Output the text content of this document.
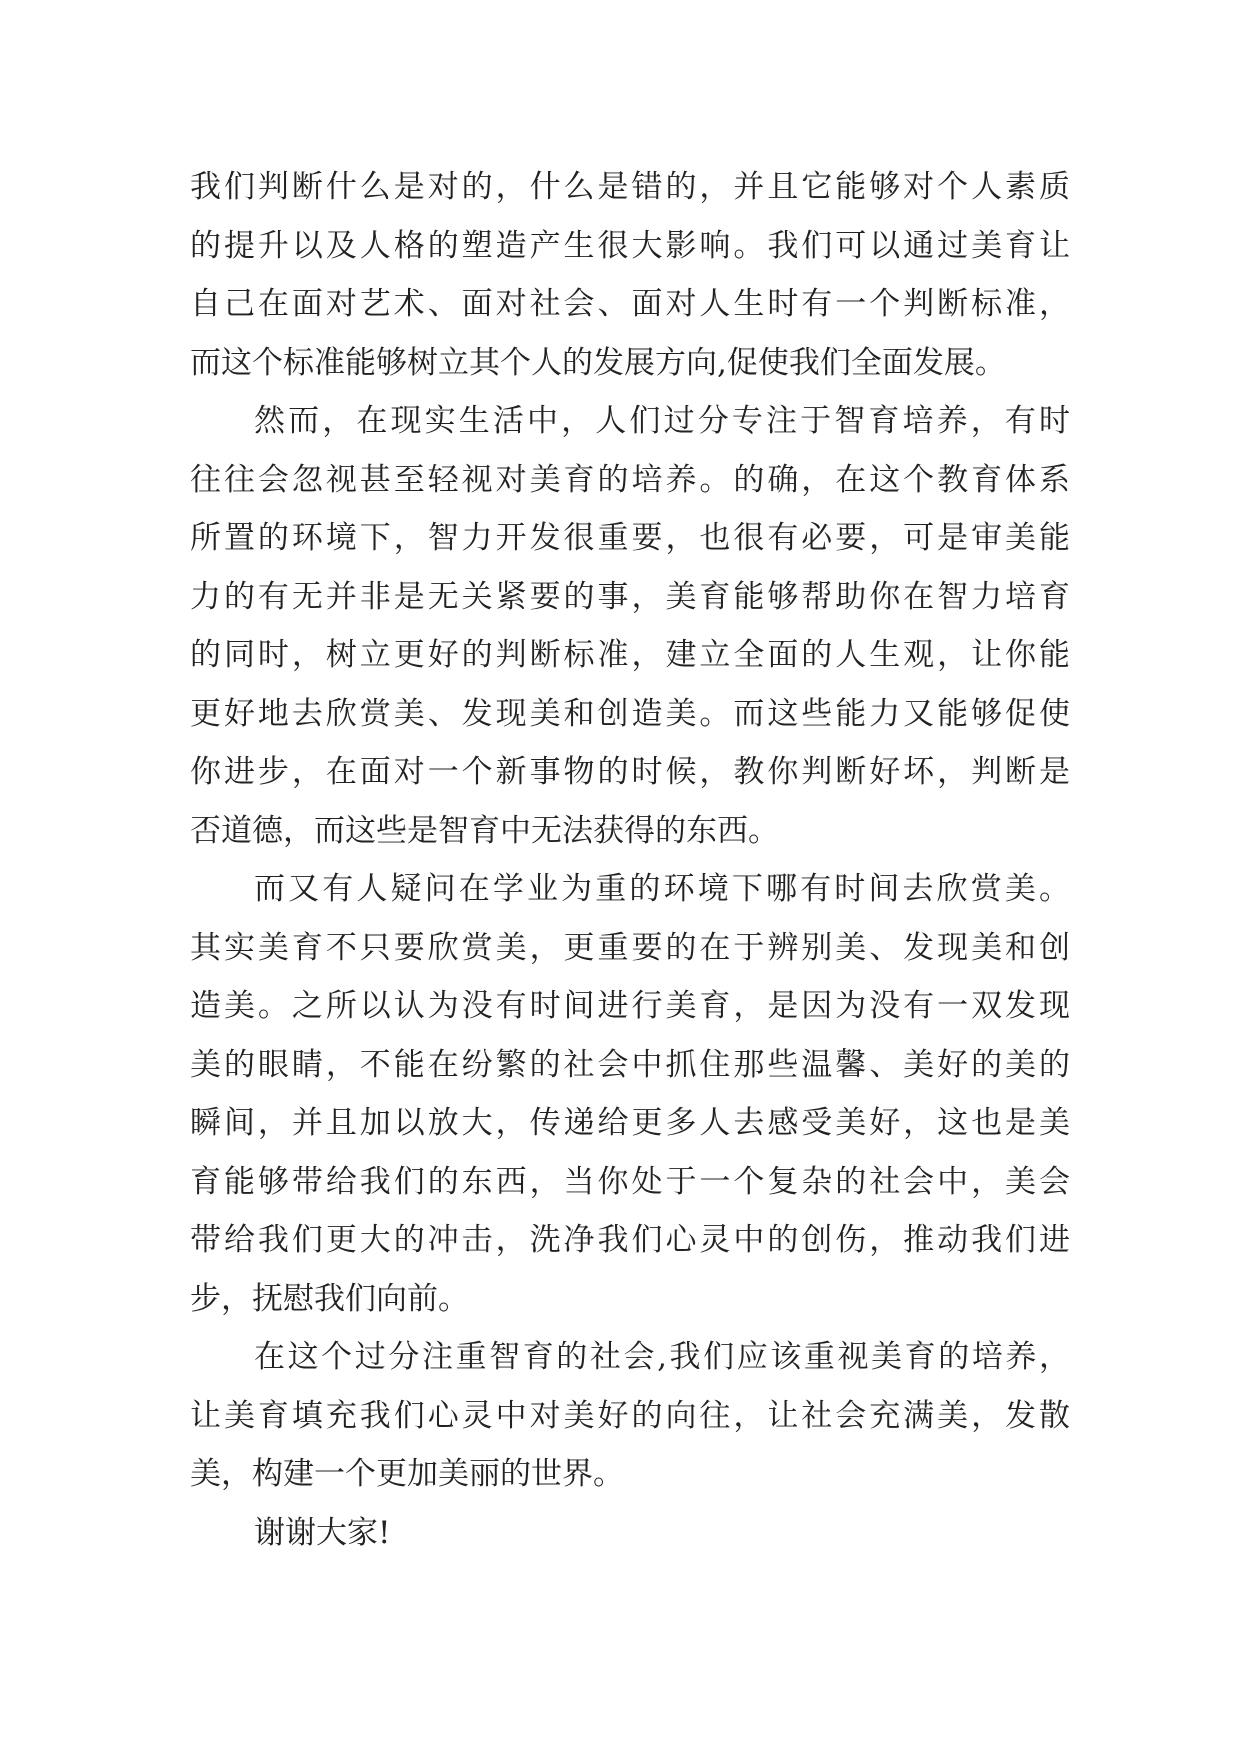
我们判断什么是对的，什么是错的，并且它能够对个人素质
的提升以及人格的塑造产生很大影响。我们可以通过美育让
自己在面对艺术、面对社会、面对人生时有一个判断标准，
而这个标准能够树立其个人的发展方向,促使我们全面发展。
然而，在现实生活中，人们过分专注于智育培养，有时
往往会忽视甚至轻视对美育的培养。的确，在这个教育体系
所置的环境下，智力开发很重要，也很有必要，可是审美能
力的有无并非是无关紧要的事，美育能够帮助你在智力培育
的同时，树立更好的判断标准，建立全面的人生观，让你能
更好地去欣赏美、发现美和创造美。而这些能力又能够促使
你进步，在面对一个新事物的时候，教你判断好坏，判断是
否道德，而这些是智育中无法获得的东西。
而又有人疑问在学业为重的环境下哪有时间去欣赏美。
其实美育不只要欣赏美，更重要的在于辨别美、发现美和创
造美。之所以认为没有时间进行美育，是因为没有一双发现
美的眼睛，不能在纷繁的社会中抓住那些温馨、美好的美的
瞬间，并且加以放大，传递给更多人去感受美好，这也是美
育能够带给我们的东西，当你处于一个复杂的社会中，美会
带给我们更大的冲击，洗净我们心灵中的创伤，推动我们进
步，抚慰我们向前。
在这个过分注重智育的社会,我们应该重视美育的培养，
让美育填充我们心灵中对美好的向往，让社会充满美，发散
美，构建一个更加美丽的世界。
谢谢大家!
